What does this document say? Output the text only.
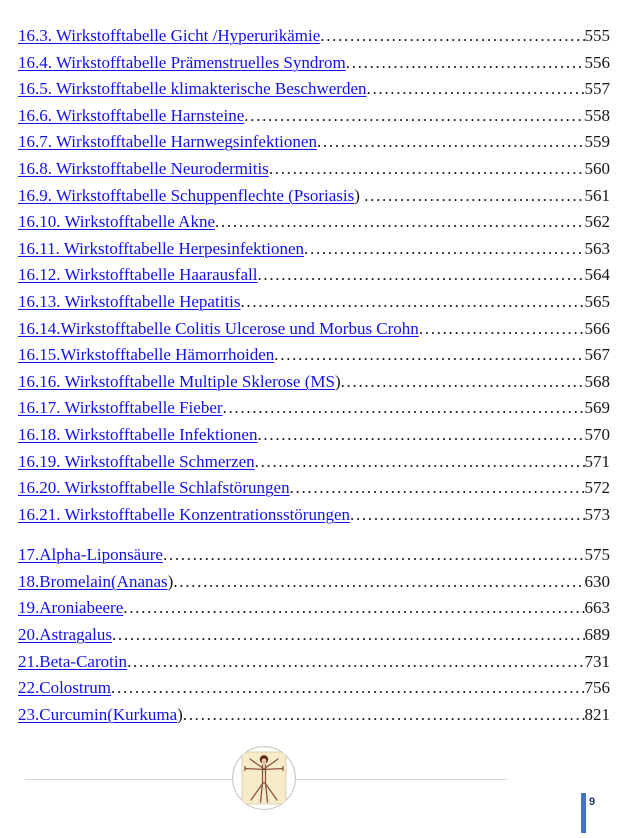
16.3. Wirkstofftabelle Gicht /Hyperurikämie .....	555
16.4. Wirkstofftabelle Prämenstruelles Syndrom .....	556
16.5. Wirkstofftabelle klimakterische Beschwerden .....	557
16.6. Wirkstofftabelle Harnsteine .....	558
16.7. Wirkstofftabelle Harnwegsinfektionen .....	559
16.8. Wirkstofftabelle Neurodermitis .....	560
16.9. Wirkstofftabelle Schuppenflechte (Psoriasis ) .....	561
16.10. Wirkstofftabelle Akne .....	562
16.11. Wirkstofftabelle Herpesinfektionen .....	563
16.12. Wirkstofftabelle Haarausfall .....	564
16.13. Wirkstofftabelle Hepatitis .....	565
16.14.Wirkstofftabelle Colitis Ulcerose und Morbus Crohn .....	566
16.15.Wirkstofftabelle Hämorrhoiden .....	567
16.16. Wirkstofftabelle Multiple Sklerose (MS ) .....	568
16.17. Wirkstofftabelle Fieber .....	569
16.18. Wirkstofftabelle Infektionen .....	570
16.19. Wirkstofftabelle Schmerzen .....	571
16.20. Wirkstofftabelle Schlafstörungen .....	572
16.21. Wirkstofftabelle Konzentrationsstörungen .....	573
17.Alpha-Liponsäure .....	575
18.Bromelain(Ananas ) .....	630
19.Aroniabeere .....	663
20.Astragalus .....	689
21.Beta-Carotin .....	731
22.Colostrum .....	756
23.Curcumin(Kurkuma ) .....	821
9
